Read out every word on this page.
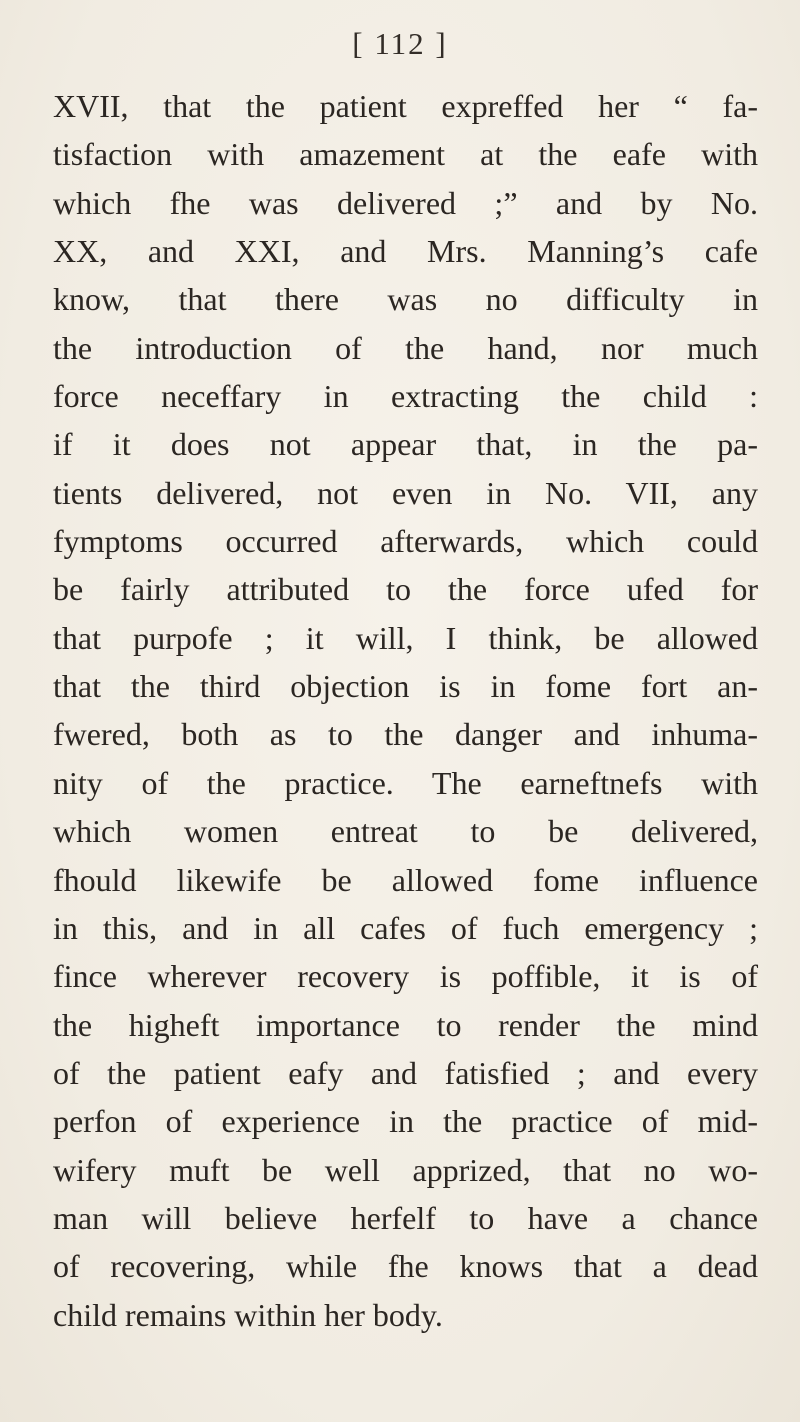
[ 112 ]
XVII, that the patient expreffed her “ fa-
tisfaction with amazement at the eafe with
which fhe was delivered ;” and by No.
XX, and XXI, and Mrs. Manning’s cafe
know, that there was no difficulty in
the introduction of the hand, nor much
force neceffary in extracting the child :
if it does not appear that, in the pa-
tients delivered, not even in No. VII, any
fymptoms occurred afterwards, which could
be fairly attributed to the force ufed for
that purpofe ; it will, I think, be allowed
that the third objection is in fome fort an-
fwered, both as to the danger and inhuma-
nity of the practice. The earneftnefs with
which women entreat to be delivered,
fhould likewife be allowed fome influence
in this, and in all cafes of fuch emergency ;
fince wherever recovery is poffible, it is of
the higheft importance to render the mind
of the patient eafy and fatisfied ; and every
perfon of experience in the practice of mid-
wifery muft be well apprized, that no wo-
man will believe herfelf to have a chance
of recovering, while fhe knows that a dead
child remains within her body.
